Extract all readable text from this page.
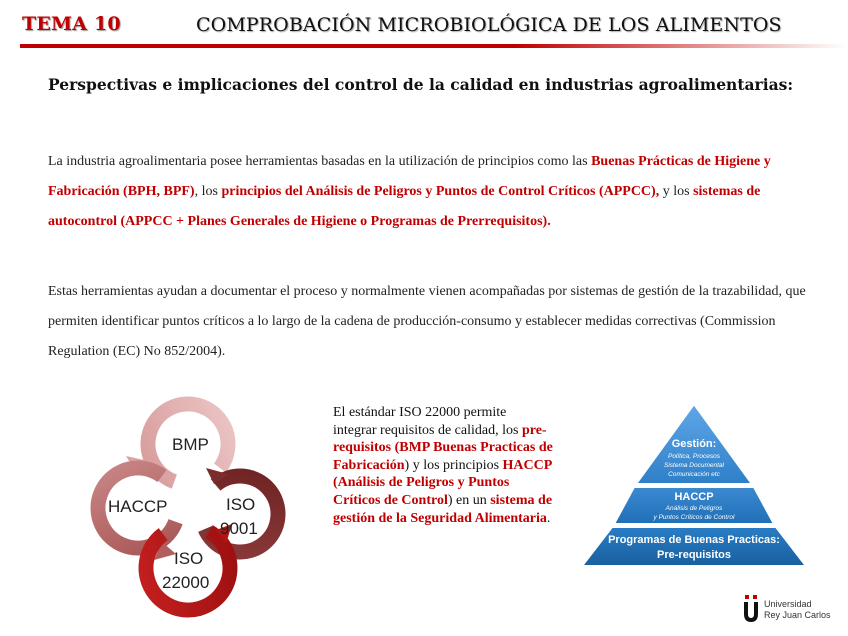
TEMA 10	COMPROBACIÓN MICROBIOLÓGICA DE LOS ALIMENTOS
Perspectivas e implicaciones del control de la calidad en industrias agroalimentarias:
La industria agroalimentaria posee herramientas basadas en la utilización de principios como las Buenas Prácticas de Higiene y Fabricación (BPH, BPF), los principios del Análisis de Peligros y Puntos de Control Críticos (APPCC), y los sistemas de autocontrol (APPCC + Planes Generales de Higiene o Programas de Prerrequisitos).
Estas herramientas ayudan a documentar el proceso y normalmente vienen acompañadas por sistemas de gestión de la trazabilidad, que permiten identificar puntos críticos a lo largo de la cadena de producción-consumo y establecer medidas correctivas (Commission Regulation (EC) No 852/2004).
BMP
HACCP	ISO
9001
ISO
22000
El estándar ISO 22000 permite integrar requisitos de calidad, los pre-requisitos (BMP Buenas Practicas de Fabricación) y los principios HACCP (Análisis de Peligros y Puntos Críticos de Control) en un sistema de gestión de la Seguridad Alimentaria.
Gestión:
Política, Procesos
Sistema Documental
Comunicación etc
HACCP
Análisis de Peligros
y Puntos Críticos de Control
Programas de Buenas Practicas:
Pre-requisitos
Universidad
Rey Juan Carlos
